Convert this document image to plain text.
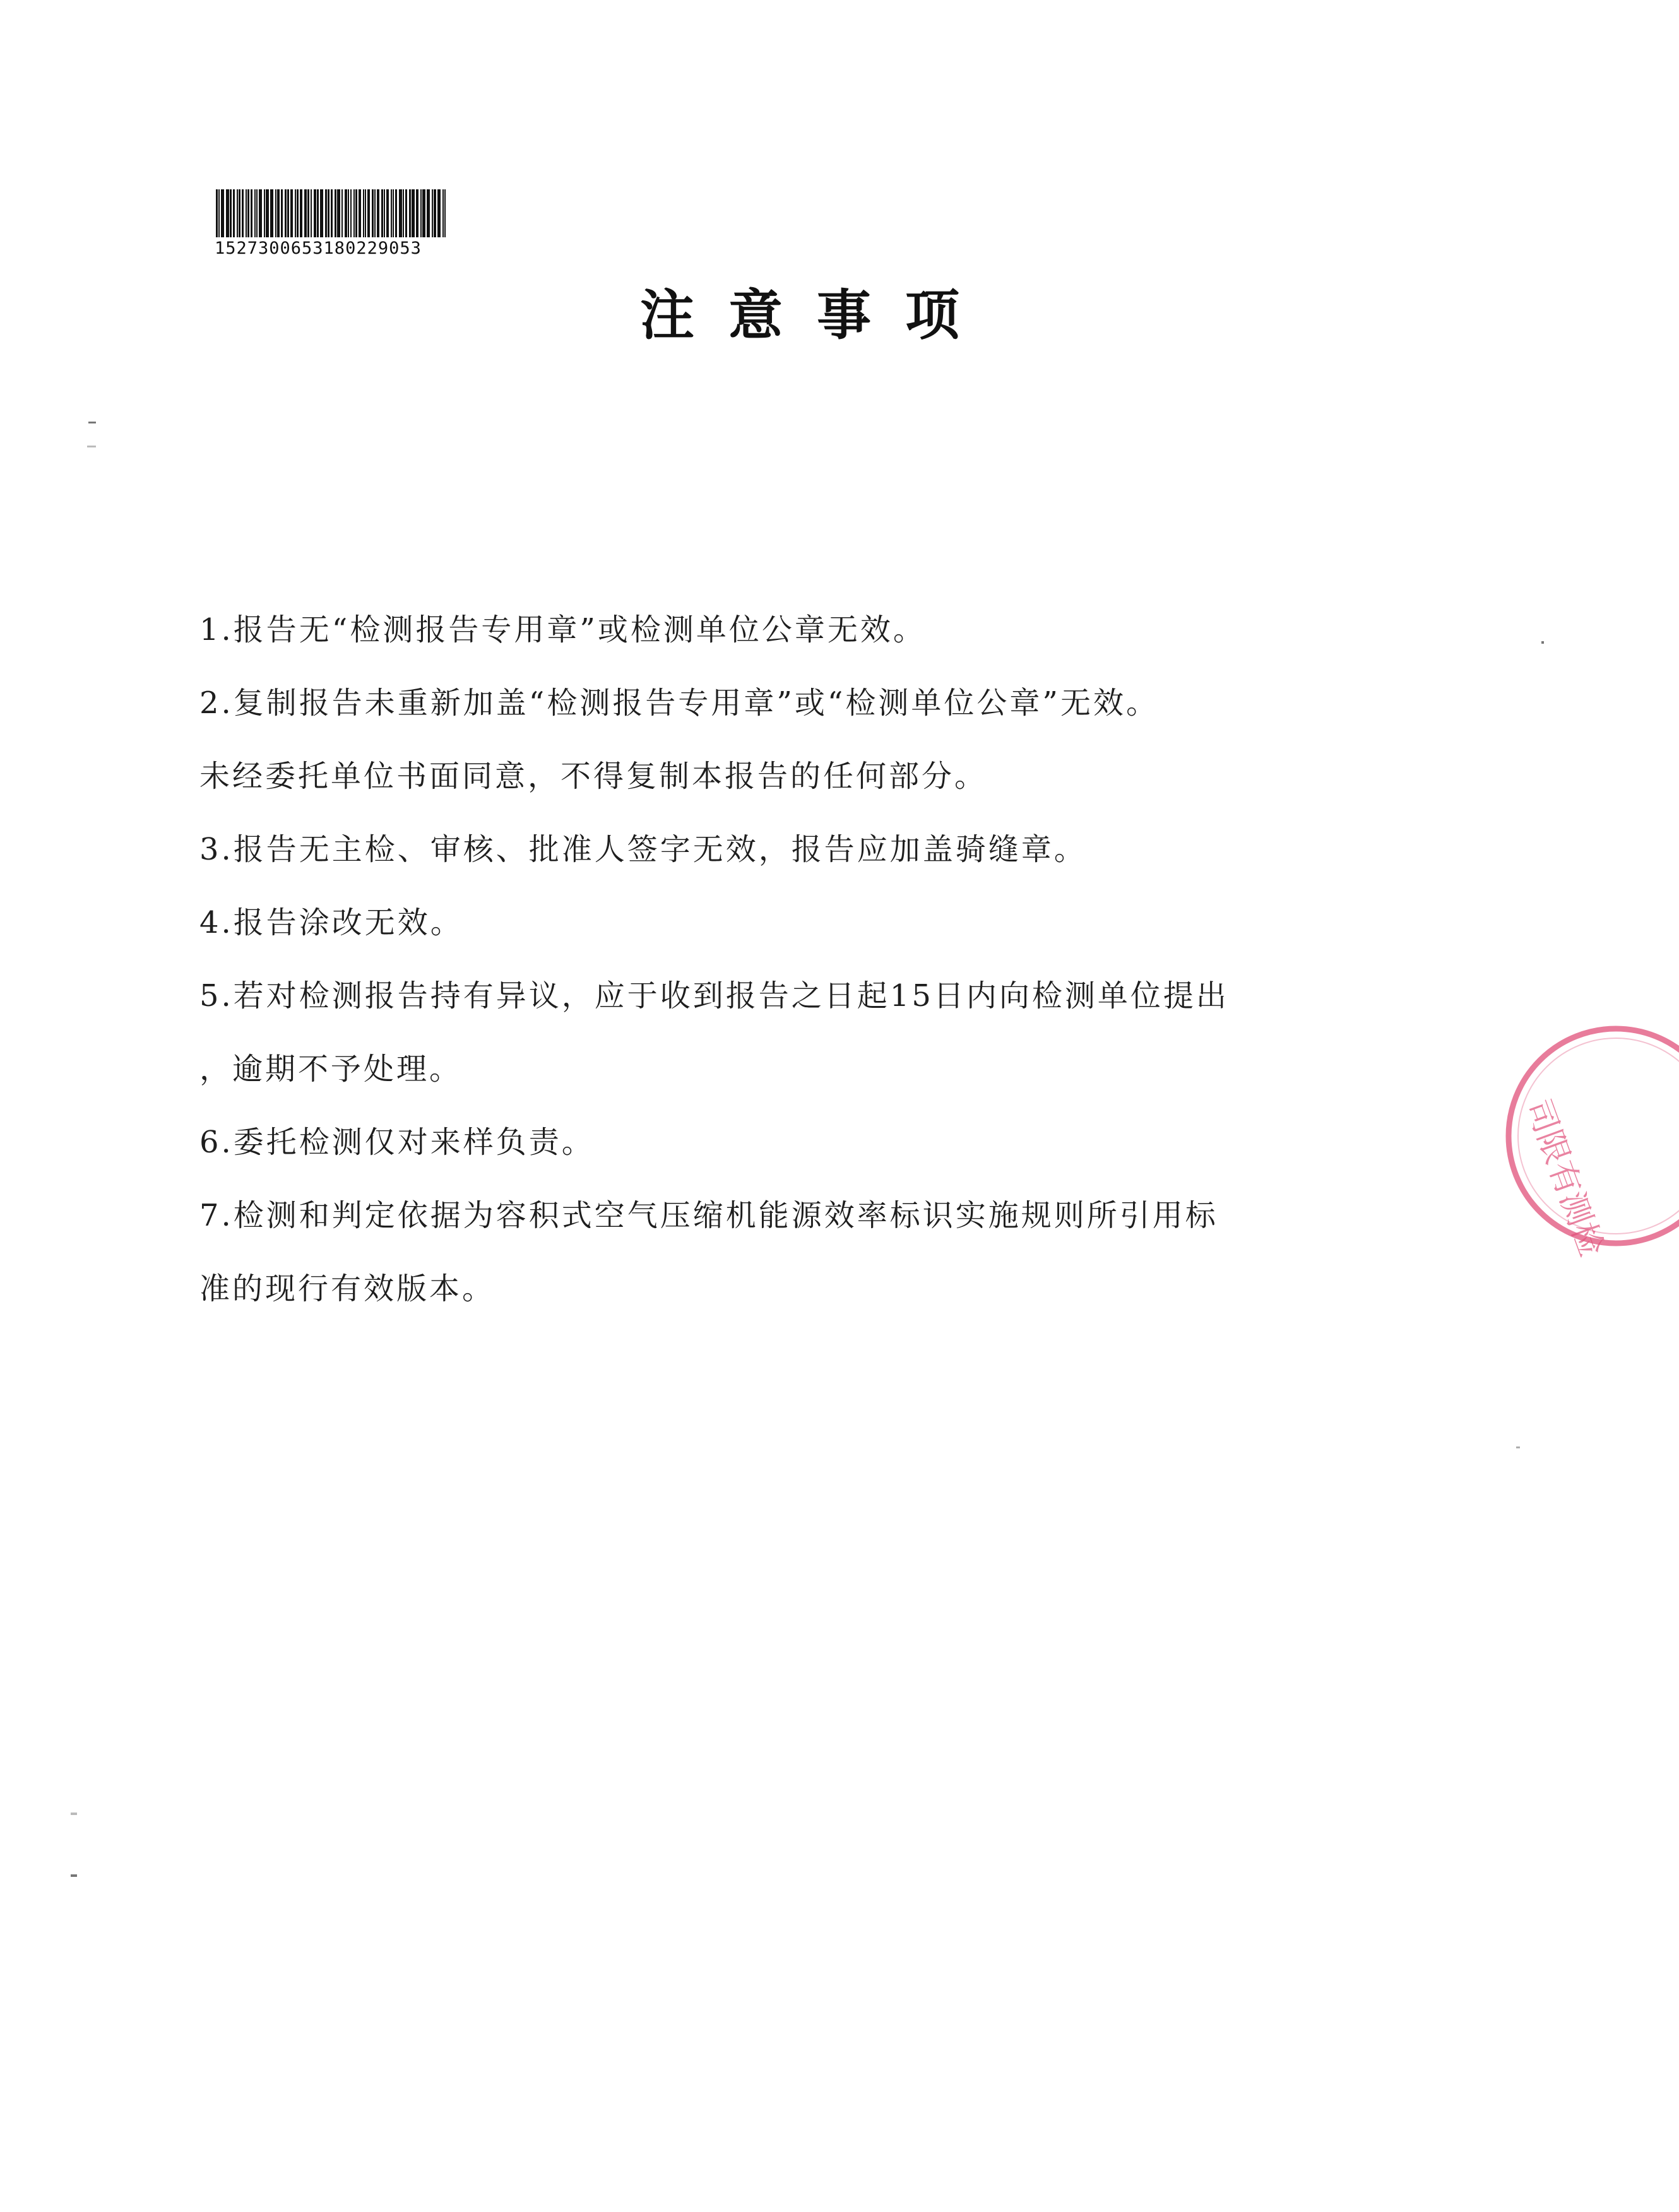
1527300653180229053
注意事项
1.报告无“检测报告专用章”或检测单位公章无效。
2.复制报告未重新加盖“检测报告专用章”或“检测单位公章”无效。
未经委托单位书面同意，不得复制本报告的任何部分。
3.报告无主检、审核、批准人签字无效，报告应加盖骑缝章。
4.报告涂改无效。
5.若对检测报告持有异议，应于收到报告之日起15日内向检测单位提出
，逾期不予处理。
6.委托检测仅对来样负责。
7.检测和判定依据为容积式空气压缩机能源效率标识实施规则所引用标
准的现行有效版本。
司限有测检
